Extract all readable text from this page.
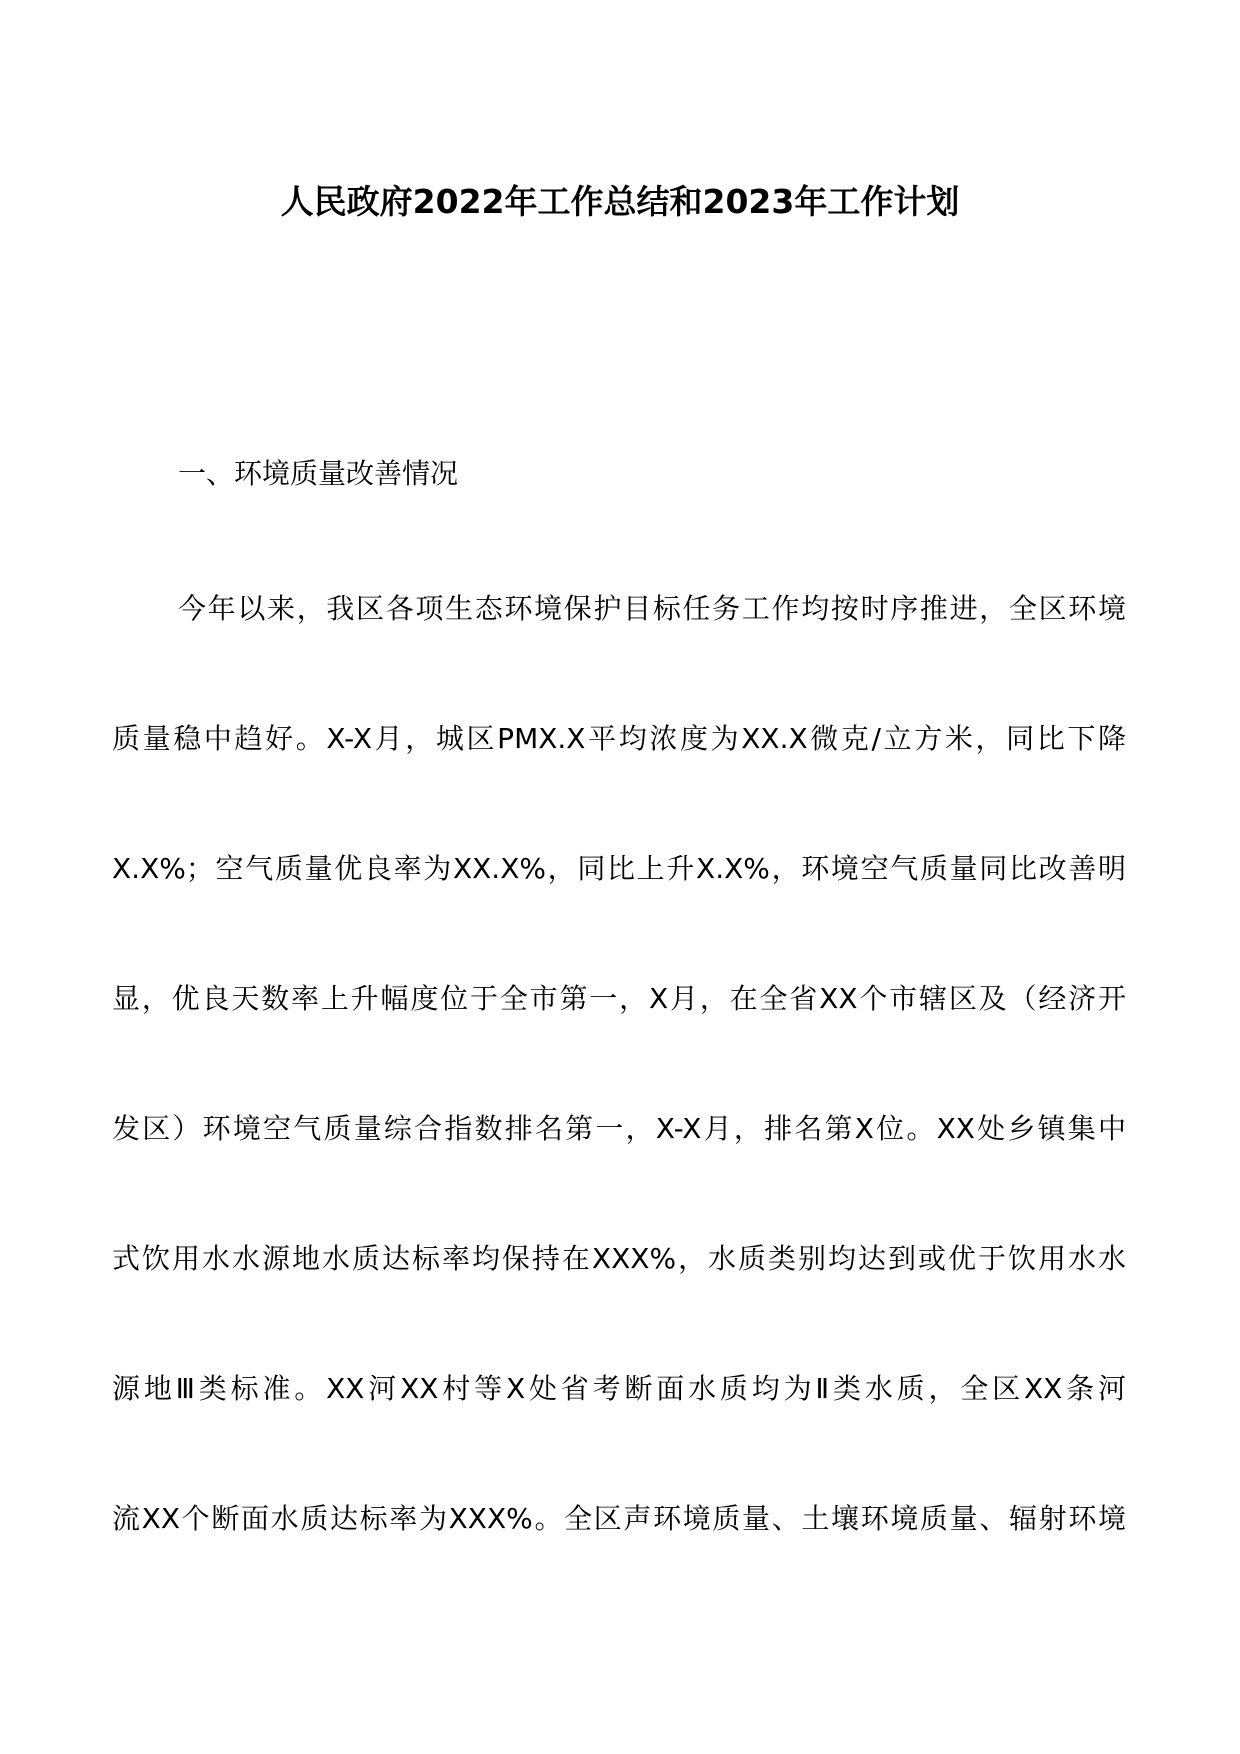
人民政府2022年工作总结和2023年工作计划
一、环境质量改善情况
今年以来，我区各项生态环境保护目标任务工作均按时序推进，全区环境
质量稳中趋好。X-X月，城区PMX.X平均浓度为XX.X微克/立方米，同比下降
X.X%；空气质量优良率为XX.X%，同比上升X.X%，环境空气质量同比改善明
显，优良天数率上升幅度位于全市第一，X月，在全省XX个市辖区及（经济开
发区）环境空气质量综合指数排名第一，X-X月，排名第X位。XX处乡镇集中
式饮用水水源地水质达标率均保持在XXX%，水质类别均达到或优于饮用水水
源地Ⅲ类标准。XX河XX村等X处省考断面水质均为Ⅱ类水质，全区XX条河
流XX个断面水质达标率为XXX%。全区声环境质量、土壤环境质量、辐射环境
